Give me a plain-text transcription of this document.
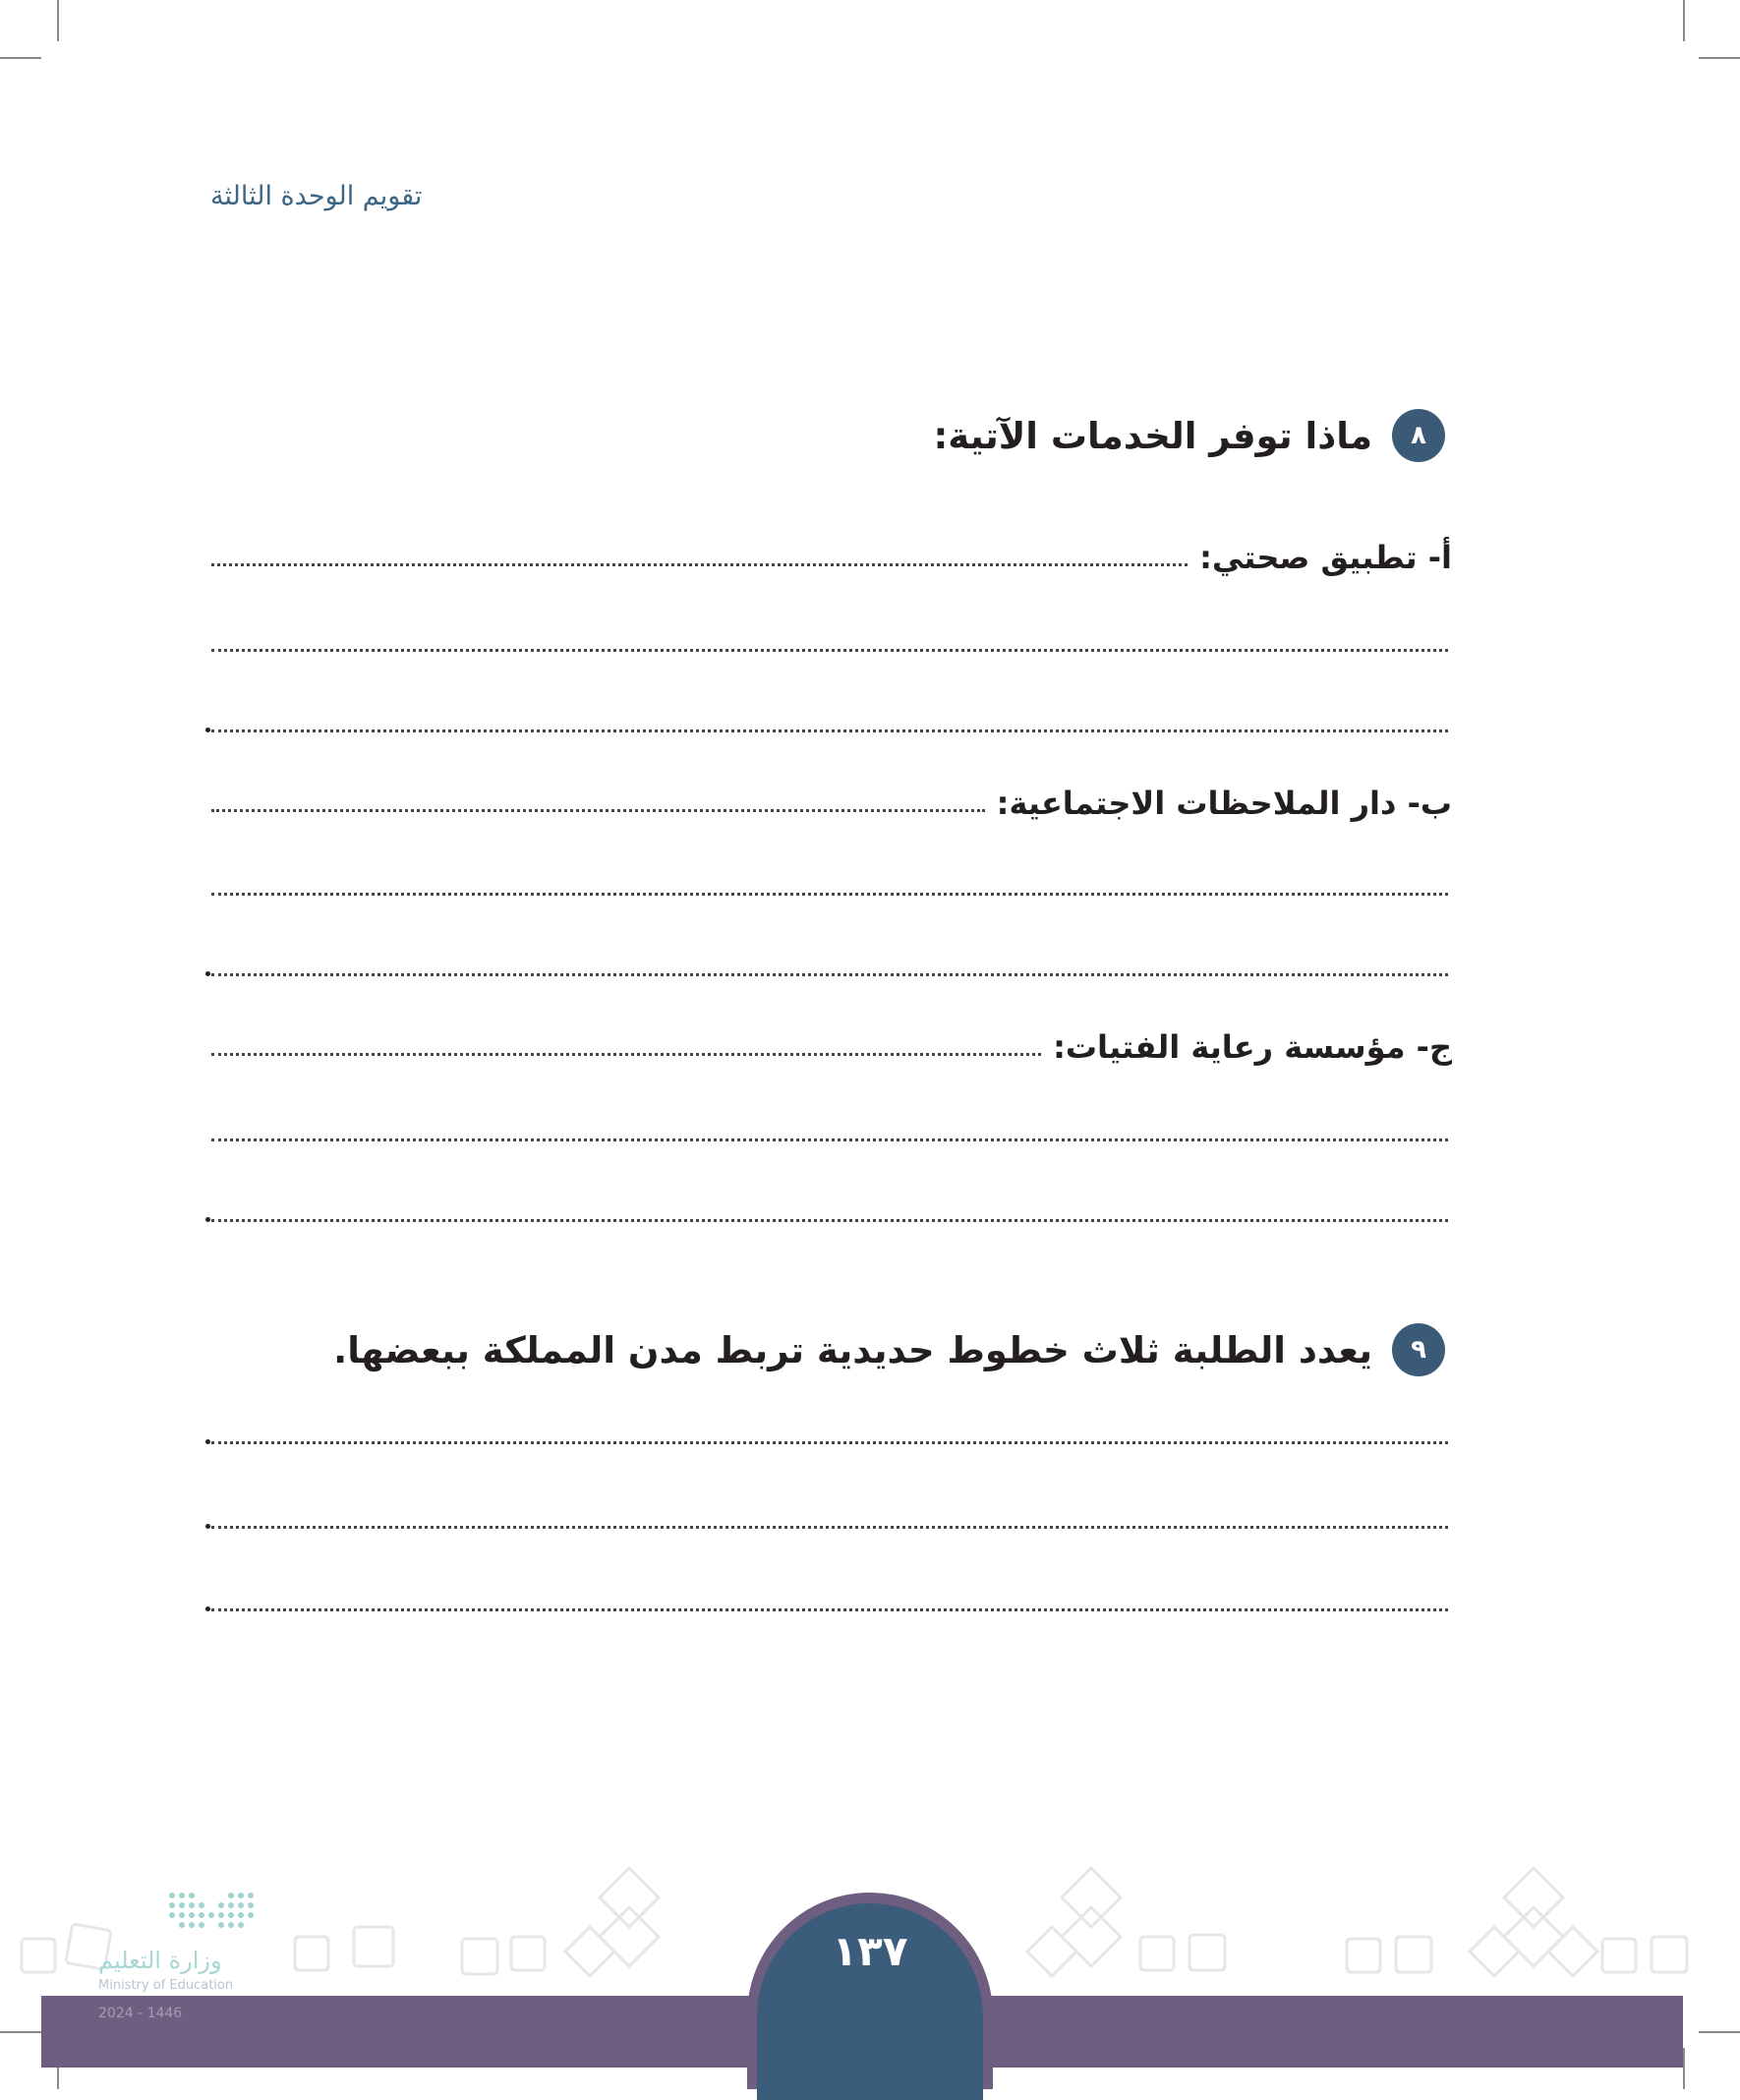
تقويم الوحدة الثالثة
٨
ماذا توفر الخدمات الآتية:
أ- تطبيق صحتي:
ب- دار الملاحظات الاجتماعية:
ج- مؤسسة رعاية الفتيات:
٩
يعدد الطلبة ثلاث خطوط حديدية تربط مدن المملكة ببعضها.
١٣٧
وزارة التعليم
Ministry of Education
2024 - 1446
